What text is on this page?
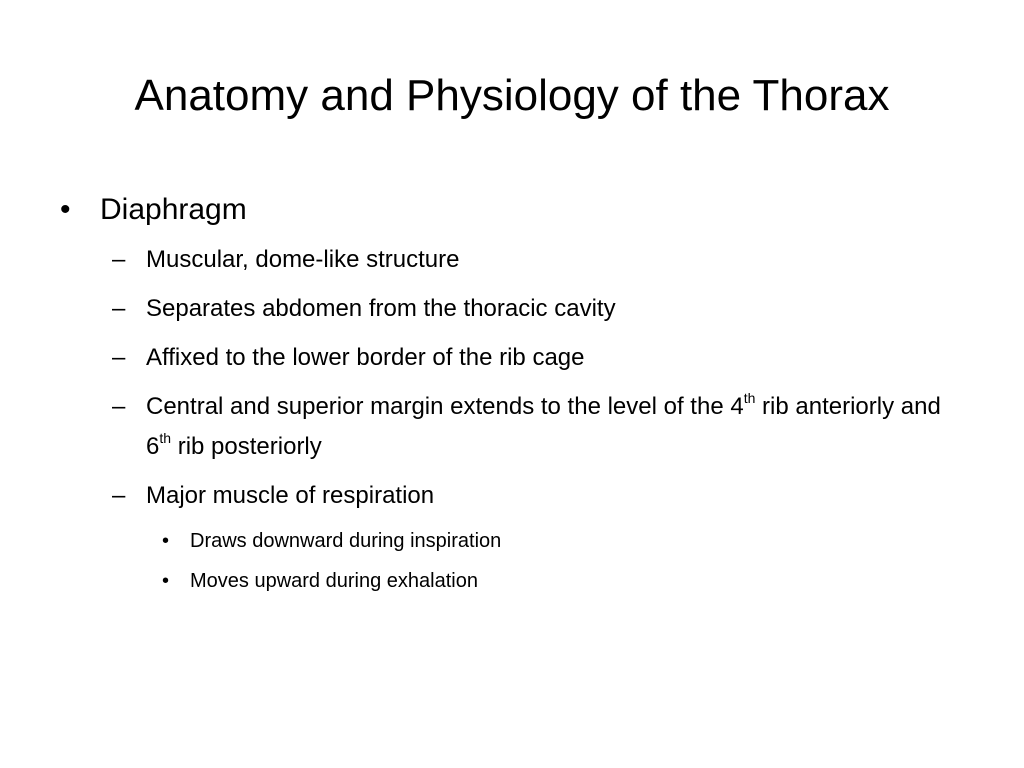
Anatomy and Physiology of the Thorax
• Diaphragm
– Muscular, dome-like structure
– Separates abdomen from the thoracic cavity
– Affixed to the lower border of the rib cage
– Central and superior margin extends to the level of the 4th rib anteriorly and 6th rib posteriorly
– Major muscle of respiration
• Draws downward during inspiration
• Moves upward during exhalation
